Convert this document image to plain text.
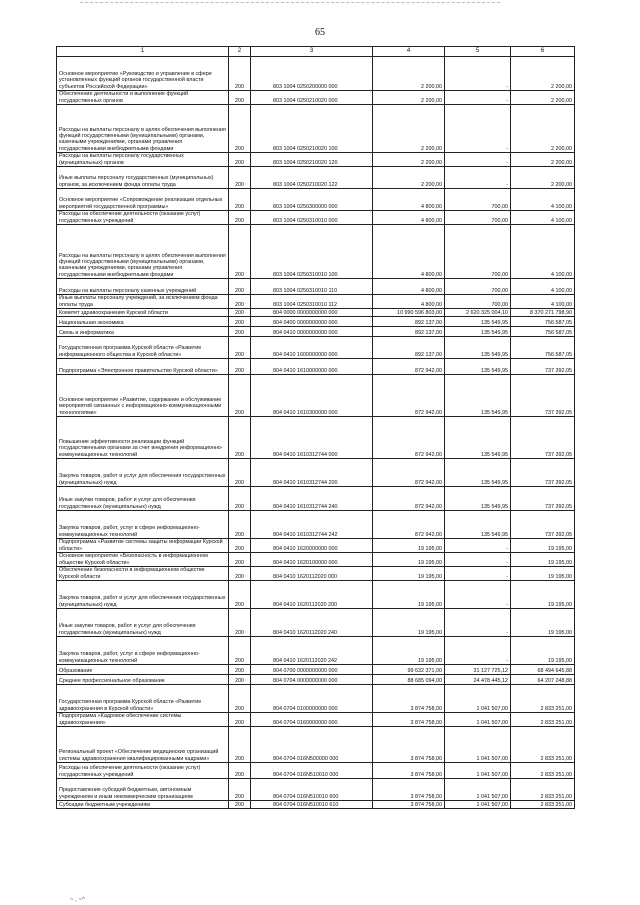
65
1	2	3	4	5	6
Основное мероприятие «Руководство и управление в сфере установленных функций органов государственной власти субъектов Российской Федерации»	200	803 1004 0250200000 000	2 200,00	-	2 200,00
Обеспечение деятельности и выполнение функций государственных органов	200	803 1004 0250210020 000	2 200,00	-	2 200,00
Расходы на выплаты персоналу в целях обеспечения выполнения функций государственными (муниципальными) органами, казенными учреждениями, органами управления государственными внебюджетными фондами	200	803 1004 0250210020 100	2 200,00	-	2 200,00
Расходы на выплаты персоналу государственных (муниципальных) органов	200	803 1004 0250210020 120	2 200,00	-	2 200,00
Иные выплаты персоналу государственных (муниципальных) органов, за исключением фонда оплаты труда	200	803 1004 0250210020 122	2 200,00	-	2 200,00
Основное мероприятие «Сопровождение реализации отдельных мероприятий государственной программы»	200	803 1004 0250300000 000	4 800,00	700,00	4 100,00
Расходы на обеспечение деятельности (оказание услуг) государственных учреждений	200	803 1004 0250310010 000	4 800,00	700,00	4 100,00
Расходы на выплаты персоналу в целях обеспечения выполнения функций государственными (муниципальными) органами, казенными учреждениями, органами управления государственными внебюджетными фондами	200	803 1004 0250310010 100	4 800,00	700,00	4 100,00
Расходы на выплаты персоналу казенных учреждений	200	803 1004 0250310010 110	4 800,00	700,00	4 100,00
Иные выплаты персоналу учреждений, за исключением фонда оплаты труда	200	803 1004 0250310010 112	4 800,00	700,00	4 100,00
Комитет здравоохранения Курской области	200	804 0000 0000000000 000	10 990 596 803,00	2 620 325 004,10	8 370 271 798,90
Национальная экономика	200	804 0400 0000000000 000	892 137,00	135 549,95	756 587,05
Связь и информатика	200	804 0410 0000000000 000	892 137,00	135 549,95	756 587,05
Государственная программа Курской области «Развитие информационного общества в Курской области»	200	804 0410 1600000000 000	892 137,00	135 549,95	756 587,05
Подпрограмма «Электронное правительство Курской области»	200	804 0410 1610000000 000	872 942,00	135 549,95	737 392,05
Основное мероприятие «Развитие, содержание и обслуживание мероприятий связанных с информационно-коммуникационными технологиями»	200	804 0410 1610300000 000	872 942,00	135 549,95	737 392,05
Повышение эффективности реализации функций государственными органами за счет внедрения информационно-коммуникационных технологий	200	804 0410 1610312744 000	872 942,00	135 549,95	737 392,05
Закупка товаров, работ и услуг для обеспечения государственных (муниципальных) нужд	200	804 0410 1610312744 200	872 942,00	135 549,95	737 392,05
Иные закупки товаров, работ и услуг для обеспечения государственных (муниципальных) нужд	200	804 0410 1610312744 240	872 942,00	135 549,95	737 392,05
Закупка товаров, работ, услуг в сфере информационно-коммуникационных технологий	200	804 0410 1610312744 242	872 942,00	135 549,95	737 392,05
Подпрограмма «Развитие системы защиты информации Курской области»	200	804 0410 1620000000 000	19 195,00	-	19 195,00
Основное мероприятие «Безопасность в информационном обществе Курской области»	200	804 0410 1620100000 000	19 195,00	-	19 195,00
Обеспечение безопасности в информационном обществе Курской области	200	804 0410 1620112020 000	19 195,00	-	19 195,00
Закупка товаров, работ и услуг для обеспечения государственных (муниципальных) нужд	200	804 0410 1620112020 200	19 195,00	-	19 195,00
Иные закупки товаров, работ и услуг для обеспечения государственных (муниципальных) нужд	200	804 0410 1620112020 240	19 195,00	-	19 195,00
Закупка товаров, работ, услуг в сфере информационно-коммуникационных технологий	200	804 0410 1620112020 242	19 195,00	-	19 195,00
Образование	200	804 0700 0000000000 000	99 632 371,00	31 127 725,12	68 494 645,88
Среднее профессиональное образование	200	804 0704 0000000000 000	88 685 094,00	24 478 445,12	64 207 248,88
Государственная программа Курской области «Развитие здравоохранения в Курской области»	200	804 0704 0100000000 000	3 874 758,00	1 041 507,00	2 833 251,00
Подпрограмма «Кадровое обеспечение системы здравоохранения»	200	804 0704 0160000000 000	3 874 758,00	1 041 507,00	2 833 251,00
Региональный проект «Обеспечение медицинских организаций системы здравоохранения квалифицированными кадрами»	200	804 0704 016N500000 000	3 874 758,00	1 041 507,00	2 833 251,00
Расходы на обеспечение деятельности (оказание услуг) государственных учреждений	200	804 0704 016N510010 000	3 874 758,00	1 041 507,00	2 833 251,00
Предоставление субсидий бюджетным, автономным учреждениям и иным некоммерческим организациям	200	804 0704 016N510010 600	3 874 758,00	1 041 507,00	2 833 251,00
Субсидии бюджетным учреждениям	200	804 0704 016N510010 610	3 874 758,00	1 041 507,00	2 833 251,00
~ , ~^
